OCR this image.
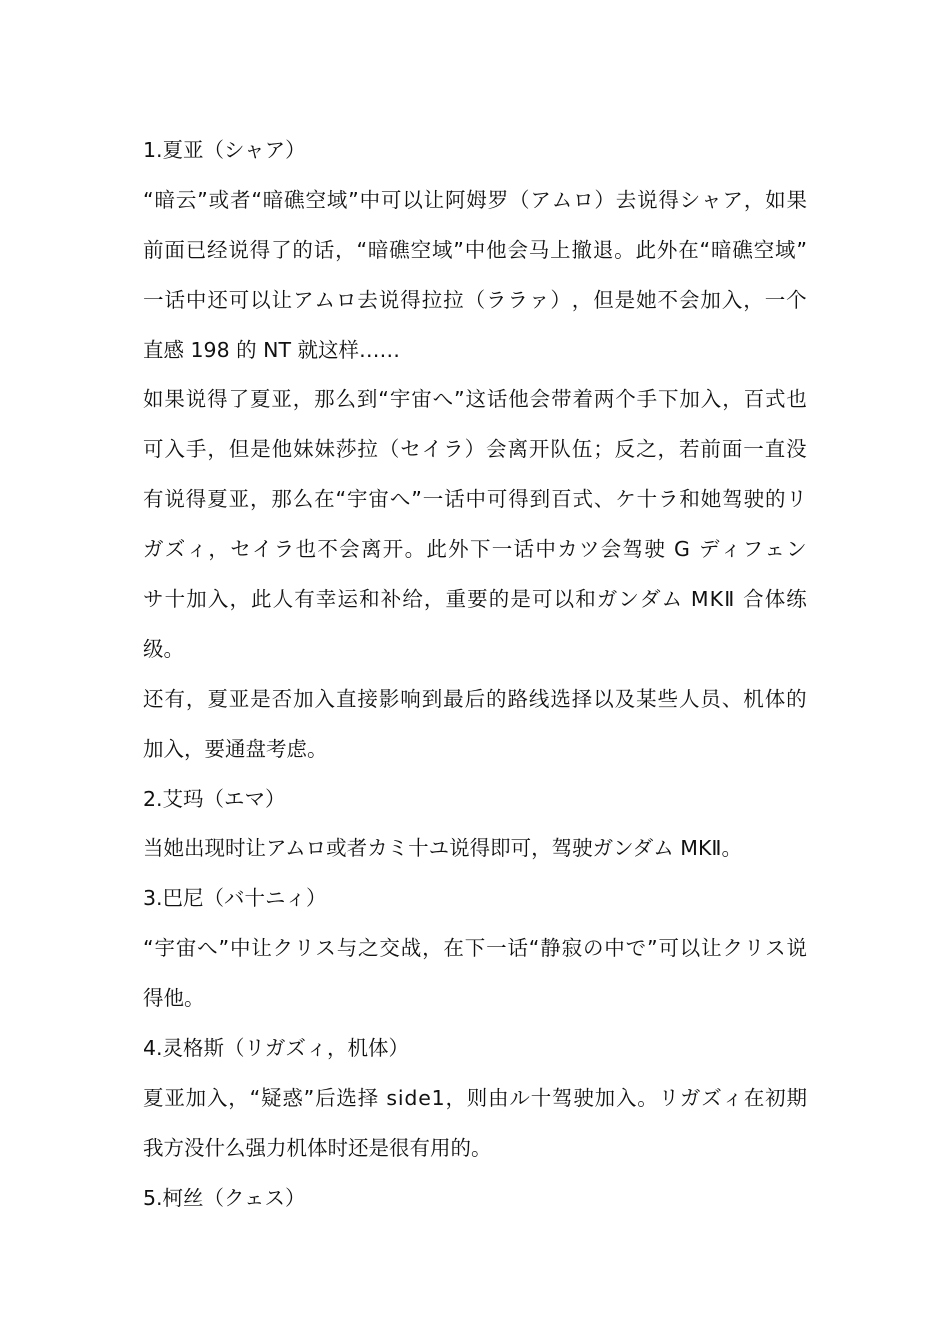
1.夏亚（シャア）
“ 暗 云 ” 或 者 “ 暗 礁 空 域 ” 中 可 以 让 阿 姆 罗 （ ア ム ロ ） 去 说 得 シ ャ ア ， 如 果
前 面 已 经 说 得 了 的 话 ， “ 暗 礁 空 域 ” 中 他 会 马 上 撤 退 。 此 外 在 “ 暗 礁 空 域 ”
一 话 中 还 可 以 让 ア ム ロ 去 说 得 拉 拉 （ ラ ラ ァ ） ， 但 是 她 不 会 加 入 ， 一 个
直感 198 的 NT 就这样……
如 果 说 得 了 夏 亚 ， 那 么 到 “ 宇 宙 へ ” 这 话 他 会 带 着 两 个 手 下 加 入 ， 百 式 也
可 入 手 ， 但 是 他 妹 妹 莎 拉 （ セ イ ラ ） 会 离 开 队 伍 ； 反 之 ， 若 前 面 一 直 没
有 说 得 夏 亚 ， 那 么 在 “ 宇 宙 へ ” 一 话 中 可 得 到 百 式 、 ケ 十 ラ 和 她 驾 驶 的 リ
ガ ズ ィ ， セ イ ラ 也 不 会 离 开 。 此 外 下 一 话 中 カ ツ 会 驾 驶
G
デ ィ フ ェ ン
サ 十 加 入 ， 此 人 有 幸 运 和 补 给 ， 重 要 的 是 可 以 和 ガ ン ダ ム
M K Ⅱ
合 体 练
级。
还 有 ， 夏 亚 是 否 加 入 直 接 影 响 到 最 后 的 路 线 选 择 以 及 某 些 人 员 、 机 体 的
加入，要通盘考虑。
2.艾玛（エマ）
当她出现时让アムロ或者カミ十ユ说得即可，驾驶ガンダム MKⅡ。
3.巴尼（バ十ニィ）
“ 宇 宙 へ ” 中 让 ク リ ス 与 之 交 战 ， 在 下 一 话 “ 静 寂 の 中 で ” 可 以 让 ク リ ス 说
得他。
4.灵格斯（リガズィ，机体）
夏 亚 加 入 ， “ 疑 惑 ” 后 选 择
s i d e 1 ， 则 由 ル 十 驾 驶 加 入 。 リ ガ ズ ィ 在 初 期
我方没什么强力机体时还是很有用的。
5.柯丝（クェス）
